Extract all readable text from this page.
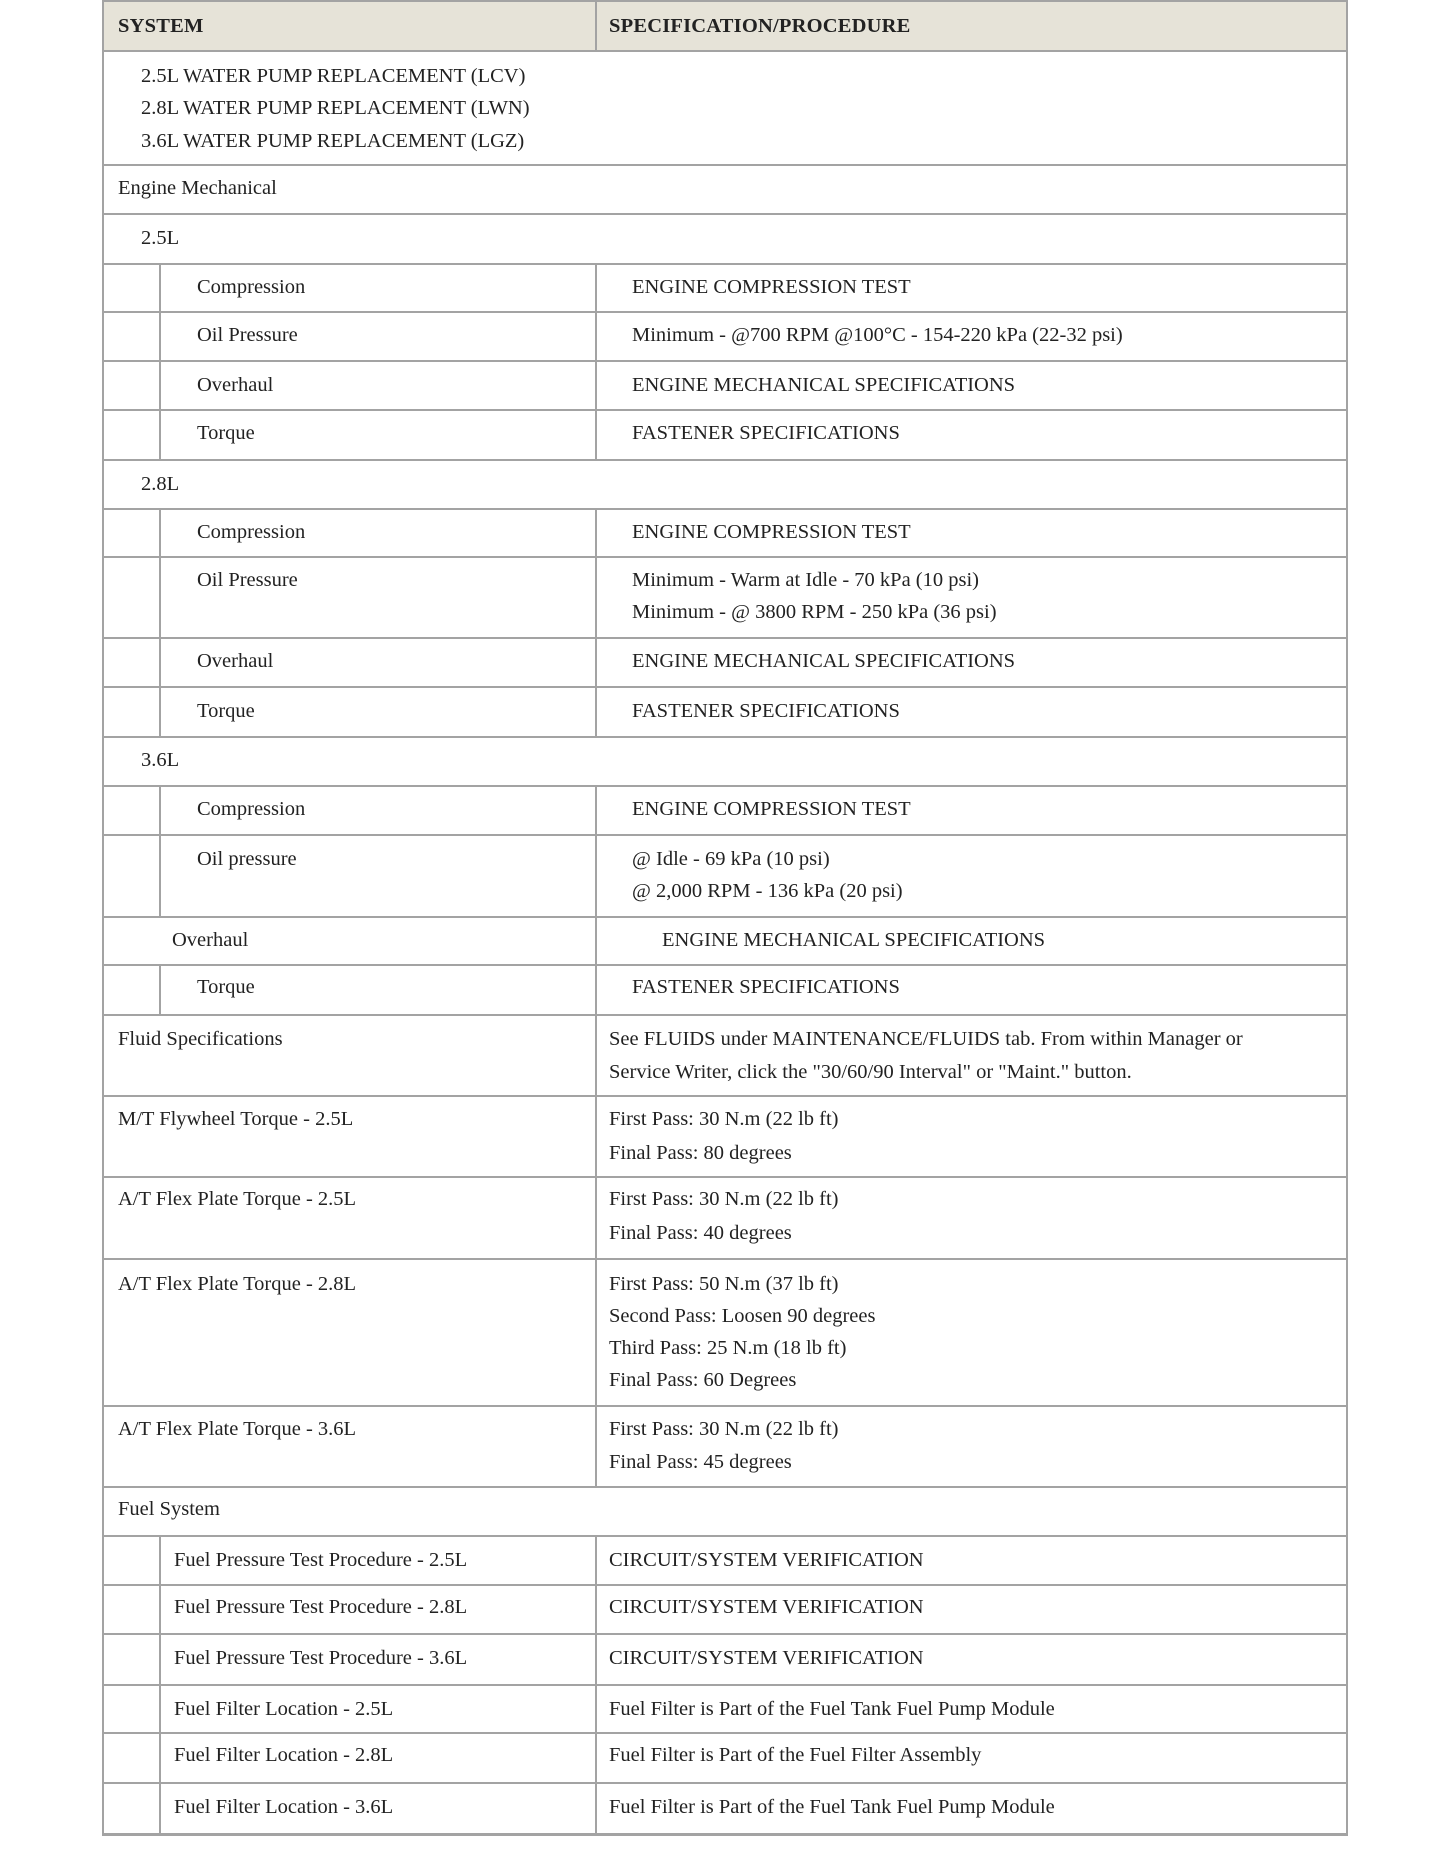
SYSTEM	SPECIFICATION/PROCEDURE
2.5L WATER PUMP REPLACEMENT (LCV)
2.8L WATER PUMP REPLACEMENT (LWN)
3.6L WATER PUMP REPLACEMENT (LGZ)
Engine Mechanical
2.5L
Compression	ENGINE COMPRESSION TEST
Oil Pressure	Minimum - @700 RPM @100°C - 154-220 kPa (22-32 psi)
Overhaul	ENGINE MECHANICAL SPECIFICATIONS
Torque	FASTENER SPECIFICATIONS
2.8L
Compression	ENGINE COMPRESSION TEST
Oil Pressure	Minimum - Warm at Idle - 70 kPa (10 psi)
Minimum - @ 3800 RPM - 250 kPa (36 psi)
Overhaul	ENGINE MECHANICAL SPECIFICATIONS
Torque	FASTENER SPECIFICATIONS
3.6L
Compression	ENGINE COMPRESSION TEST
Oil pressure	@ Idle - 69 kPa (10 psi)
@ 2,000 RPM - 136 kPa (20 psi)
Overhaul	ENGINE MECHANICAL SPECIFICATIONS
Torque	FASTENER SPECIFICATIONS
Fluid Specifications	See FLUIDS under MAINTENANCE/FLUIDS tab. From within Manager or
Service Writer, click the "30/60/90 Interval" or "Maint." button.
M/T Flywheel Torque - 2.5L	First Pass: 30 N.m (22 lb ft)
Final Pass: 80 degrees
A/T Flex Plate Torque - 2.5L	First Pass: 30 N.m (22 lb ft)
Final Pass: 40 degrees
A/T Flex Plate Torque - 2.8L	First Pass: 50 N.m (37 lb ft)
Second Pass: Loosen 90 degrees
Third Pass: 25 N.m (18 lb ft)
Final Pass: 60 Degrees
A/T Flex Plate Torque - 3.6L	First Pass: 30 N.m (22 lb ft)
Final Pass: 45 degrees
Fuel System
Fuel Pressure Test Procedure - 2.5L	CIRCUIT/SYSTEM VERIFICATION
Fuel Pressure Test Procedure - 2.8L	CIRCUIT/SYSTEM VERIFICATION
Fuel Pressure Test Procedure - 3.6L	CIRCUIT/SYSTEM VERIFICATION
Fuel Filter Location - 2.5L	Fuel Filter is Part of the Fuel Tank Fuel Pump Module
Fuel Filter Location - 2.8L	Fuel Filter is Part of the Fuel Filter Assembly
Fuel Filter Location - 3.6L	Fuel Filter is Part of the Fuel Tank Fuel Pump Module
